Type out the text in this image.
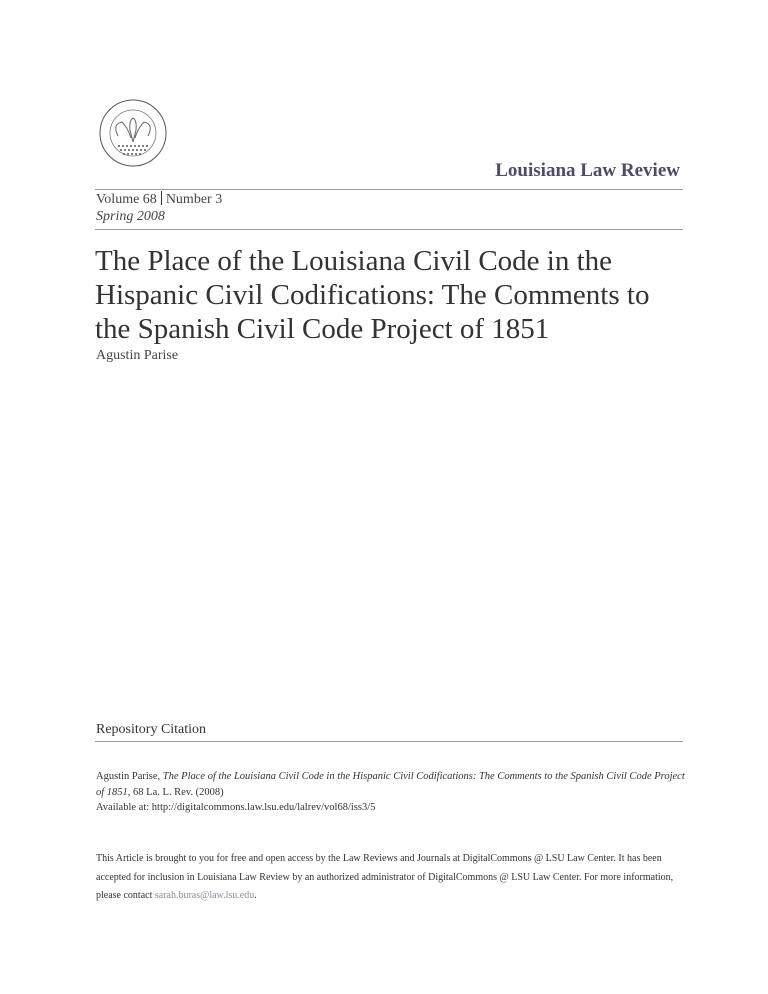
Louisiana Law Review
Volume 68 Number 3
Spring 2008
The Place of the Louisiana Civil Code in the Hispanic Civil Codifications: The Comments to the Spanish Civil Code Project of 1851
Agustin Parise
Repository Citation
Agustin Parise, The Place of the Louisiana Civil Code in the Hispanic Civil Codifications: The Comments to the Spanish Civil Code Project of 1851, 68 La. L. Rev. (2008)
Available at: http://digitalcommons.law.lsu.edu/lalrev/vol68/iss3/5
This Article is brought to you for free and open access by the Law Reviews and Journals at DigitalCommons @ LSU Law Center. It has been accepted for inclusion in Louisiana Law Review by an authorized administrator of DigitalCommons @ LSU Law Center. For more information, please contact sarah.buras@law.lsu.edu.
